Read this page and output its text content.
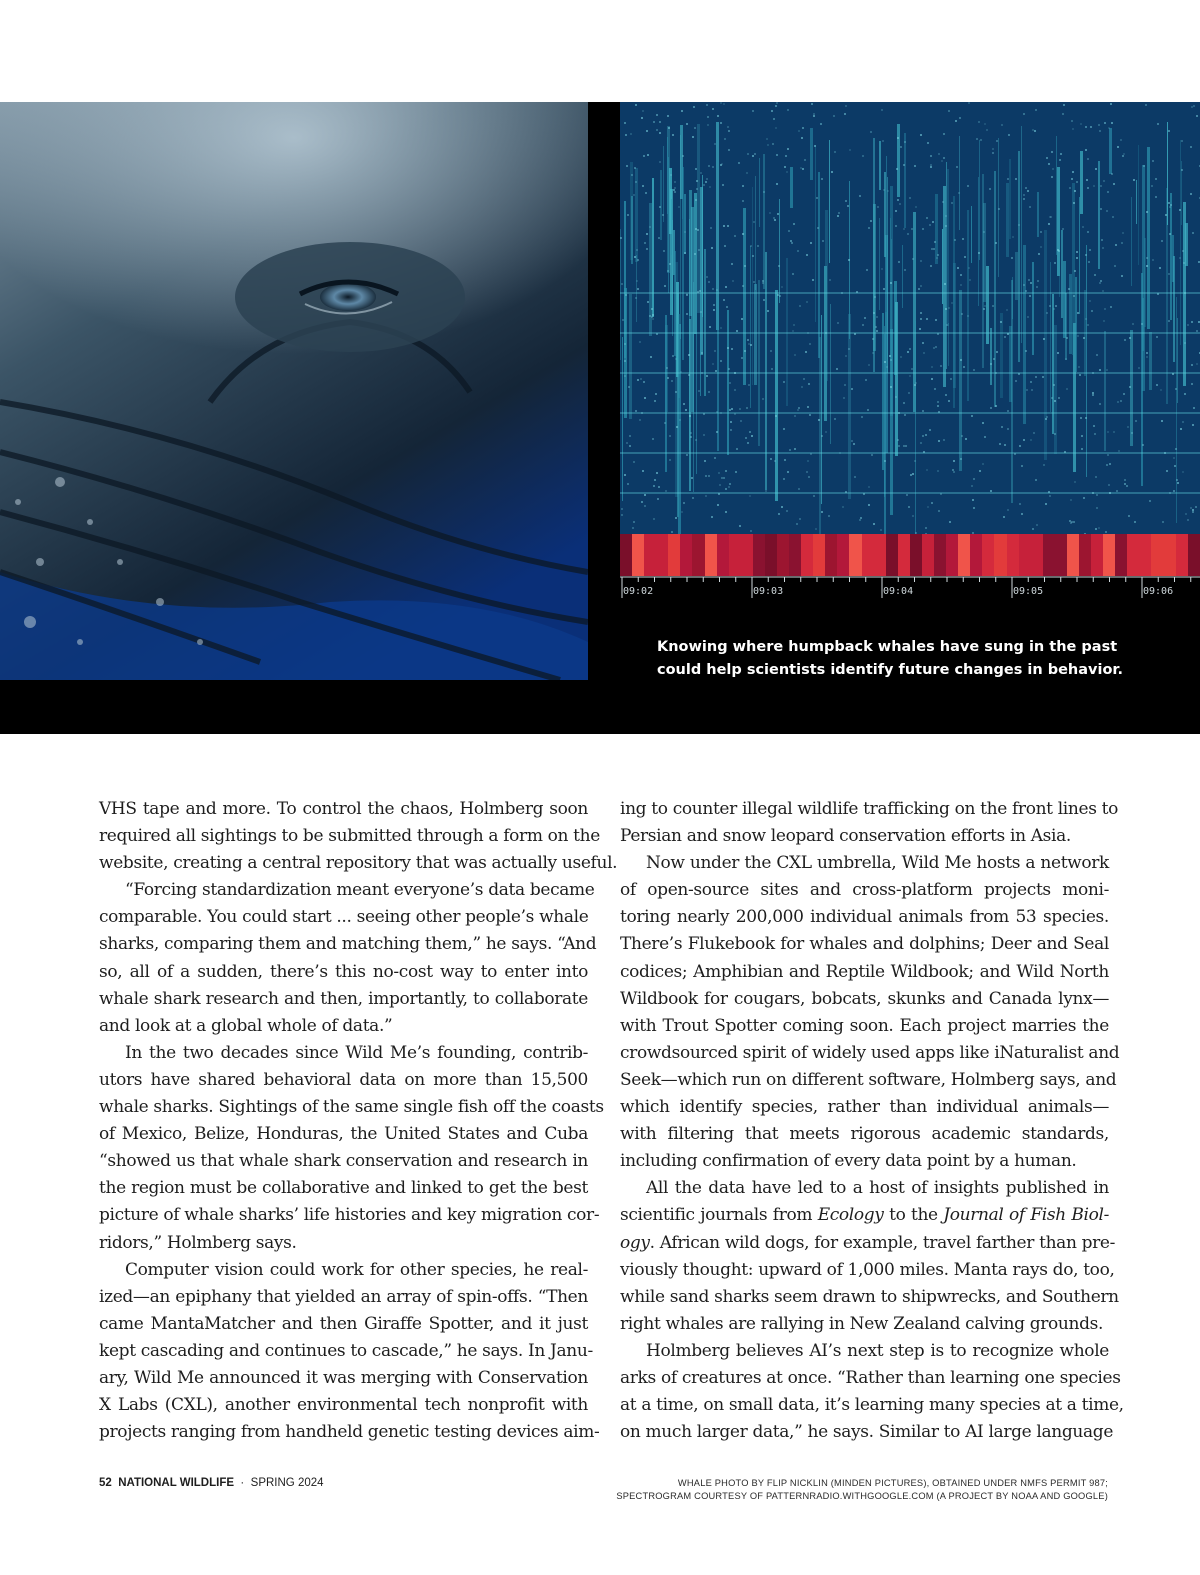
09:02	09:03	09:04	09:05	09:06
Knowing where humpback whales have sung in the past
could help scientists identify future changes in behavior.
VHS tape and more. To control the chaos, Holmberg soon
required all sightings to be submitted through a form on the
website, creating a central repository that was actually useful.
“Forcing standardization meant everyone’s data became
comparable. You could start ... seeing other people’s whale
sharks, comparing them and matching them,” he says. “And
so, all of a sudden, there’s this no-cost way to enter into
whale shark research and then, importantly, to collaborate
and look at a global whole of data.”
In the two decades since Wild Me’s founding, contrib-
utors have shared behavioral data on more than 15,500
whale sharks. Sightings of the same single fish off the coasts
of Mexico, Belize, Honduras, the United States and Cuba
“showed us that whale shark conservation and research in
the region must be collaborative and linked to get the best
picture of whale sharks’ life histories and key migration cor-
ridors,” Holmberg says.
Computer vision could work for other species, he real-
ized—an epiphany that yielded an array of spin-offs. “Then
came MantaMatcher and then Giraffe Spotter, and it just
kept cascading and continues to cascade,” he says. In Janu-
ary, Wild Me announced it was merging with Conservation
X Labs (CXL), another environmental tech nonprofit with
projects ranging from handheld genetic testing devices aim-
ing to counter illegal wildlife trafficking on the front lines to
Persian and snow leopard conservation efforts in Asia.
Now under the CXL umbrella, Wild Me hosts a network
of open-source sites and cross-platform projects moni-
toring nearly 200,000 individual animals from 53 species.
There’s Flukebook for whales and dolphins; Deer and Seal
codices; Amphibian and Reptile Wildbook; and Wild North
Wildbook for cougars, bobcats, skunks and Canada lynx—
with Trout Spotter coming soon. Each project marries the
crowdsourced spirit of widely used apps like iNaturalist and
Seek—which run on different software, Holmberg says, and
which identify species, rather than individual animals—
with filtering that meets rigorous academic standards,
including confirmation of every data point by a human.
All the data have led to a host of insights published in
scientific journals from Ecology to the Journal of Fish Biol-
ogy. African wild dogs, for example, travel farther than pre-
viously thought: upward of 1,000 miles. Manta rays do, too,
while sand sharks seem drawn to shipwrecks, and Southern
right whales are rallying in New Zealand calving grounds.
Holmberg believes AI’s next step is to recognize whole
arks of creatures at once. “Rather than learning one species
at a time, on small data, it’s learning many species at a time,
on much larger data,” he says. Similar to AI large language
52 NATIONAL WILDLIFE · SPRING 2024	WHALE PHOTO BY FLIP NICKLIN (MINDEN PICTURES), OBTAINED UNDER NMFS PERMIT 987;
SPECTROGRAM COURTESY OF PATTERNRADIO.WITHGOOGLE.COM (A PROJECT BY NOAA AND GOOGLE)
